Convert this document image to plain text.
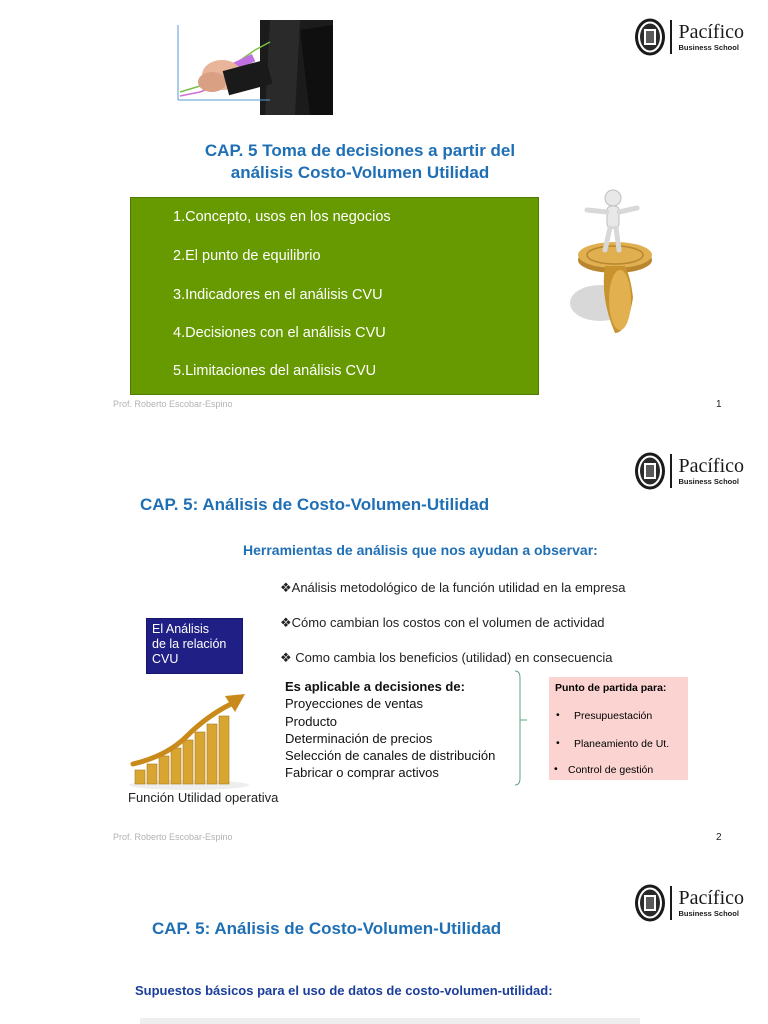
Pacífico
Business School
CAP. 5 Toma de decisiones a partir del
análisis Costo-Volumen Utilidad
1.Concepto, usos en los negocios
2.El punto de equilibrio
3.Indicadores en el análisis CVU
4.Decisiones con el análisis CVU
5.Limitaciones del análisis CVU
Prof. Roberto Escobar-Espino	1
Pacífico
Business School
CAP. 5: Análisis de Costo-Volumen-Utilidad
Herramientas de análisis que nos ayudan a observar:
❖Análisis metodológico de la función utilidad en la empresa
❖Cómo cambian los costos con el volumen de actividad
❖ Como cambia los beneficios (utilidad) en consecuencia
El Análisis
de la relación
CVU
Función Utilidad operativa
Es aplicable a decisiones de:
Proyecciones de ventas
Producto
Determinación de precios
Selección de canales de distribución
Fabricar o comprar activos
Punto de partida para:
• Presupuestación
• Planeamiento de Ut.
• Control de gestión
Prof. Roberto Escobar-Espino	2
Pacífico
Business School
CAP. 5: Análisis de Costo-Volumen-Utilidad
Supuestos básicos para el uso de datos de costo-volumen-utilidad:
